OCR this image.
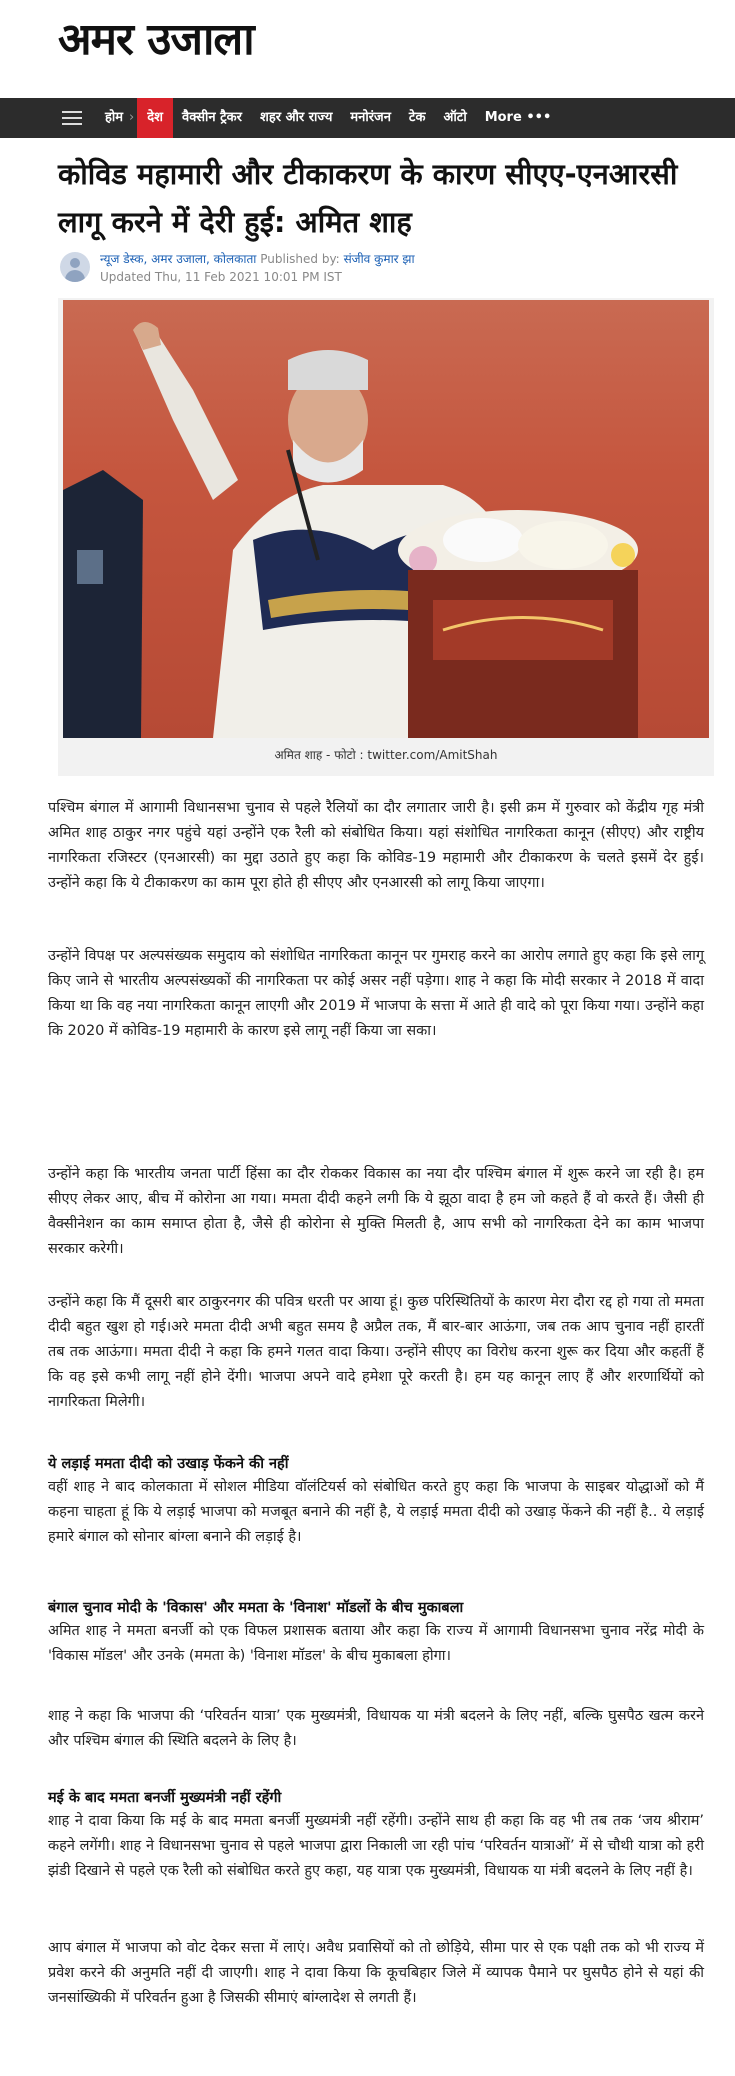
अमर उजाला
होम ›	देश	वैक्सीन ट्रैकर	शहर और राज्य	मनोरंजन	टेक	ऑटो	More •••
कोविड महामारी और टीकाकरण के कारण सीएए-एनआरसी लागू करने में देरी हुई: अमित शाह
न्यूज डेस्क, अमर उजाला, कोलकाता Published by: संजीव कुमार झा
Updated Thu, 11 Feb 2021 10:01 PM IST
अमित शाह - फोटो : twitter.com/AmitShah

पश्चिम बंगाल में आगामी विधानसभा चुनाव से पहले रैलियों का दौर लगातार जारी है। इसी क्रम में गुरुवार को केंद्रीय गृह मंत्री अमित शाह ठाकुर नगर पहुंचे यहां उन्होंने एक रैली को संबोधित किया। यहां संशोधित नागरिकता कानून (सीएए) और राष्ट्रीय नागरिकता रजिस्टर (एनआरसी) का मुद्दा उठाते हुए कहा कि कोविड-19 महामारी और टीकाकरण के चलते इसमें देर हुई। उन्होंने कहा कि ये टीकाकरण का काम पूरा होते ही सीएए और एनआरसी को लागू किया जाएगा।

उन्होंने विपक्ष पर अल्पसंख्यक समुदाय को संशोधित नागरिकता कानून पर गुमराह करने का आरोप लगाते हुए कहा कि इसे लागू किए जाने से भारतीय अल्पसंख्यकों की नागरिकता पर कोई असर नहीं पड़ेगा। शाह ने कहा कि मोदी सरकार ने 2018 में वादा किया था कि वह नया नागरिकता कानून लाएगी और 2019 में भाजपा के सत्ता में आते ही वादे को पूरा किया गया। उन्होंने कहा कि 2020 में कोविड-19 महामारी के कारण इसे लागू नहीं किया जा सका।

उन्होंने कहा कि भारतीय जनता पार्टी हिंसा का दौर रोककर विकास का नया दौर पश्चिम बंगाल में शुरू करने जा रही है। हम सीएए लेकर आए, बीच में कोरोना आ गया। ममता दीदी कहने लगी कि ये झूठा वादा है हम जो कहते हैं वो करते हैं। जैसी ही वैक्सीनेशन का काम समाप्त होता है, जैसे ही कोरोना से मुक्ति मिलती है, आप सभी को नागरिकता देने का काम भाजपा सरकार करेगी।

उन्होंने कहा कि मैं दूसरी बार ठाकुरनगर की पवित्र धरती पर आया हूं। कुछ परिस्थितियों के कारण मेरा दौरा रद्द हो गया तो ममता दीदी बहुत खुश हो गई।अरे ममता दीदी अभी बहुत समय है अप्रैल तक, मैं बार-बार आऊंगा, जब तक आप चुनाव नहीं हारतीं तब तक आऊंगा। ममता दीदी ने कहा कि हमने गलत वादा किया। उन्होंने सीएए का विरोध करना शुरू कर दिया और कहतीं हैं कि वह इसे कभी लागू नहीं होने देंगी। भाजपा अपने वादे हमेशा पूरे करती है। हम यह कानून लाए हैं और शरणार्थियों को नागरिकता मिलेगी।

ये लड़ाई ममता दीदी को उखाड़ फेंकने की नहीं

वहीं शाह ने बाद कोलकाता में सोशल मीडिया वॉलंटियर्स को संबोधित करते हुए कहा कि भाजपा के साइबर योद्धाओं को मैं कहना चाहता हूं कि ये लड़ाई भाजपा को मजबूत बनाने की नहीं है, ये लड़ाई ममता दीदी को उखाड़ फेंकने की नहीं है.. ये लड़ाई हमारे बंगाल को सोनार बांग्ला बनाने की लड़ाई है।

बंगाल चुनाव मोदी के 'विकास' और ममता के 'विनाश' मॉडलों के बीच मुकाबला

अमित शाह ने ममता बनर्जी को एक विफल प्रशासक बताया और कहा कि राज्य में आगामी विधानसभा चुनाव नरेंद्र मोदी के 'विकास मॉडल' और उनके (ममता के) 'विनाश मॉडल' के बीच मुकाबला होगा।

शाह ने कहा कि भाजपा की ‘परिवर्तन यात्रा’ एक मुख्यमंत्री, विधायक या मंत्री बदलने के लिए नहीं, बल्कि घुसपैठ खत्म करने और पश्चिम बंगाल की स्थिति बदलने के लिए है।

मई के बाद ममता बनर्जी मुख्यमंत्री नहीं रहेंगी

शाह ने दावा किया कि मई के बाद ममता बनर्जी मुख्यमंत्री नहीं रहेंगी। उन्होंने साथ ही कहा कि वह भी तब तक ‘जय श्रीराम’ कहने लगेंगी। शाह ने विधानसभा चुनाव से पहले भाजपा द्वारा निकाली जा रही पांच ‘परिवर्तन यात्राओं’ में से चौथी यात्रा को हरी झंडी दिखाने से पहले एक रैली को संबोधित करते हुए कहा, यह यात्रा एक मुख्यमंत्री, विधायक या मंत्री बदलने के लिए नहीं है।

आप बंगाल में भाजपा को वोट देकर सत्ता में लाएं। अवैध प्रवासियों को तो छोड़िये, सीमा पार से एक पक्षी तक को भी राज्य में प्रवेश करने की अनुमति नहीं दी जाएगी। शाह ने दावा किया कि कूचबिहार जिले में व्यापक पैमाने पर घुसपैठ होने से यहां की जनसांख्यिकी में परिवर्तन हुआ है जिसकी सीमाएं बांग्लादेश से लगती हैं।
